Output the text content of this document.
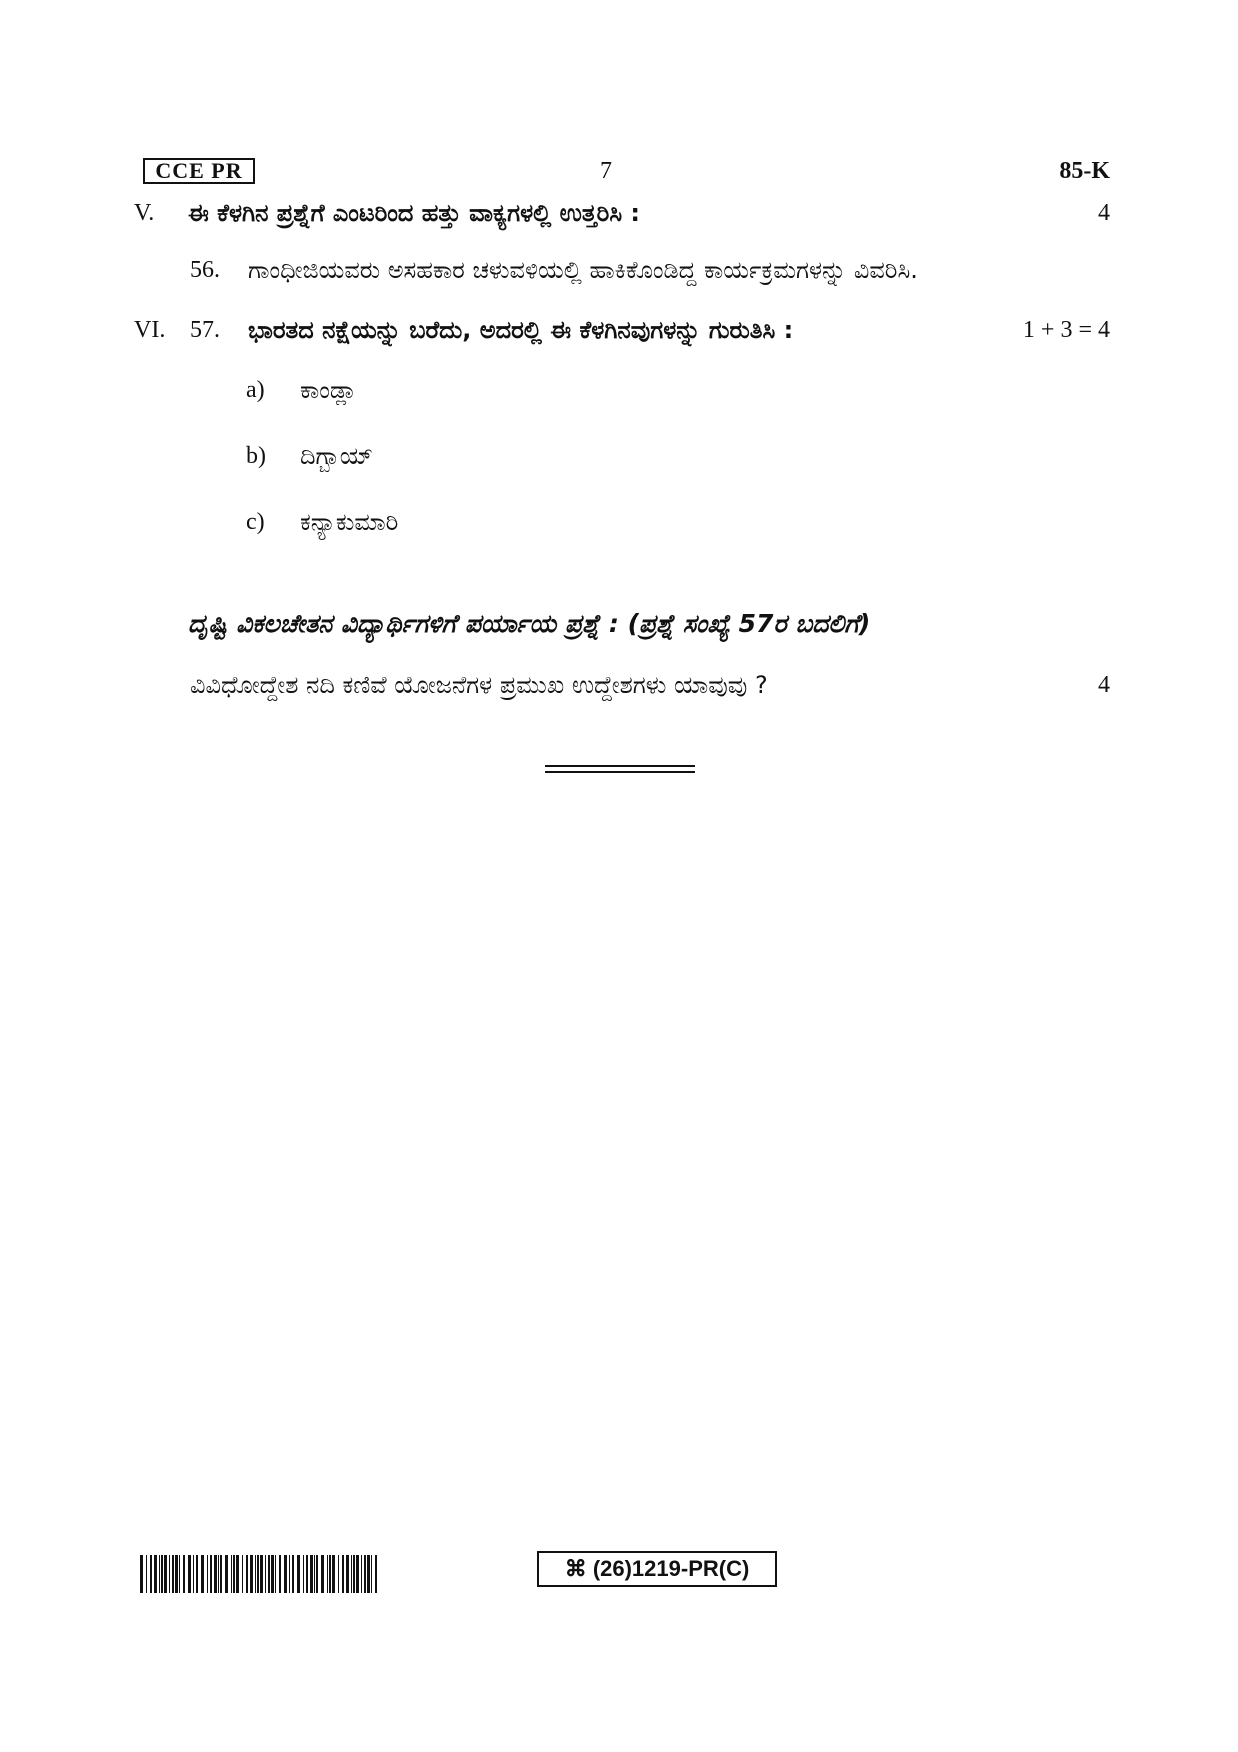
CCE PR	7	85-K
V. ಈ ಕೆಳಗಿನ ಪ್ರಶ್ನೆಗೆ ಎಂಟರಿಂದ ಹತ್ತು ವಾಕ್ಯಗಳಲ್ಲಿ ಉತ್ತರಿಸಿ :	4
56. ಗಾಂಧೀಜಿಯವರು ಅಸಹಕಾರ ಚಳುವಳಿಯಲ್ಲಿ ಹಾಕಿಕೊಂಡಿದ್ದ ಕಾರ್ಯಕ್ರಮಗಳನ್ನು ವಿವರಿಸಿ.
VI. 57. ಭಾರತದ ನಕ್ಷೆಯನ್ನು ಬರೆದು, ಅದರಲ್ಲಿ ಈ ಕೆಳಗಿನವುಗಳನ್ನು ಗುರುತಿಸಿ :	1 + 3 = 4
a) ಕಾಂಡ್ಲಾ
b) ದಿಗ್ಬಾಯ್
c) ಕನ್ಯಾಕುಮಾರಿ
ದೃಷ್ಟಿ ವಿಕಲಚೇತನ ವಿದ್ಯಾರ್ಥಿಗಳಿಗೆ ಪರ್ಯಾಯ ಪ್ರಶ್ನೆ : (ಪ್ರಶ್ನೆ ಸಂಖ್ಯೆ 57ರ ಬದಲಿಗೆ)
ವಿವಿಧೋದ್ದೇಶ ನದಿ ಕಣಿವೆ ಯೋಜನೆಗಳ ಪ್ರಮುಖ ಉದ್ದೇಶಗಳು ಯಾವುವು ?	4
⌘ (26)1219-PR(C)
